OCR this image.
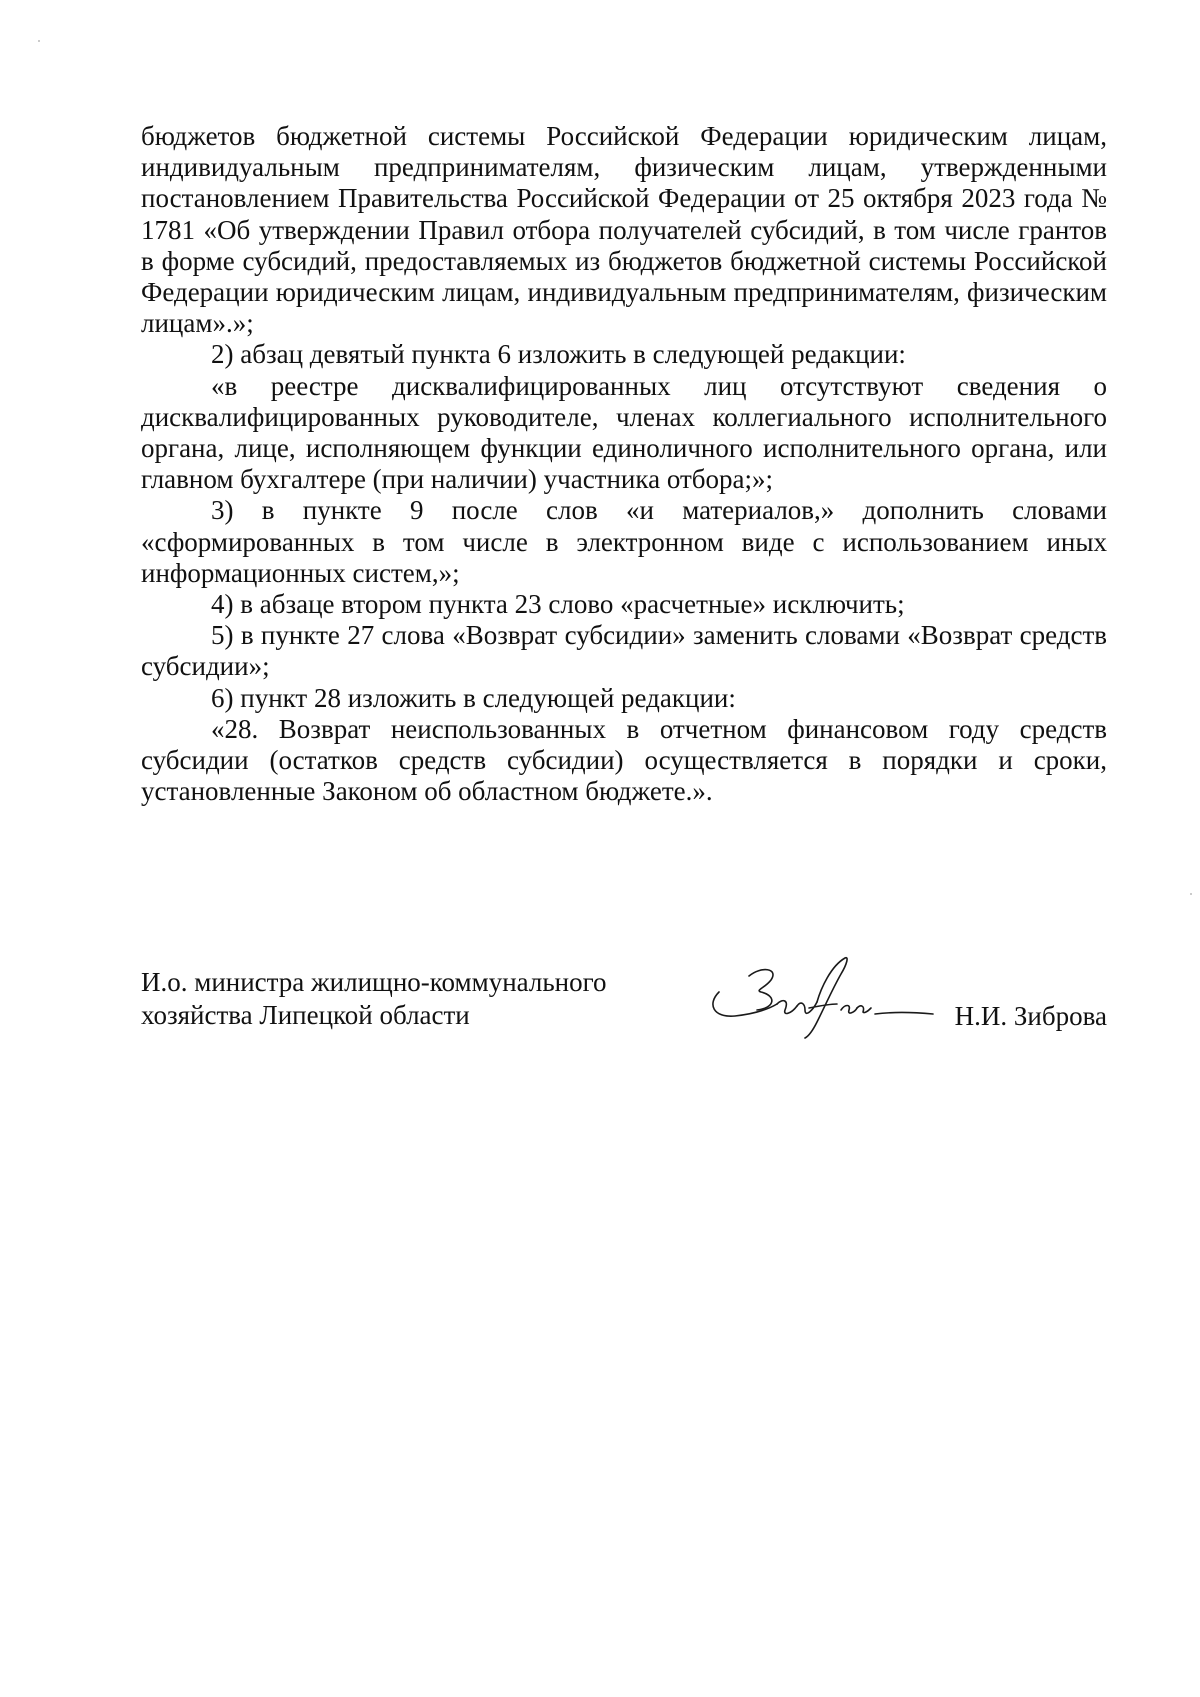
бюджетов бюджетной системы Российской Федерации юридическим лицам, индивидуальным предпринимателям, физическим лицам, утвержденными постановлением Правительства Российской Федерации от 25 октября 2023 года № 1781 «Об утверждении Правил отбора получателей субсидий, в том числе грантов в форме субсидий, предоставляемых из бюджетов бюджетной системы Российской Федерации юридическим лицам, индивидуальным предпринимателям, физическим лицам».»;

2) абзац девятый пункта 6 изложить в следующей редакции:

«в реестре дисквалифицированных лиц отсутствуют сведения о дисквалифицированных руководителе, членах коллегиального исполнительного органа, лице, исполняющем функции единоличного исполнительного органа, или главном бухгалтере (при наличии) участника отбора;»;

3) в пункте 9 после слов «и материалов,» дополнить словами «сформированных в том числе в электронном виде с использованием иных информационных систем,»;

4) в абзаце втором пункта 23 слово «расчетные» исключить;

5) в пункте 27 слова «Возврат субсидии» заменить словами «Возврат средств субсидии»;

6) пункт 28 изложить в следующей редакции:

«28. Возврат неиспользованных в отчетном финансовом году средств субсидии (остатков средств субсидии) осуществляется в порядки и сроки, установленные Законом об областном бюджете.».

И.о. министра жилищно-коммунального
хозяйства Липецкой области	Н.И. Зиброва
